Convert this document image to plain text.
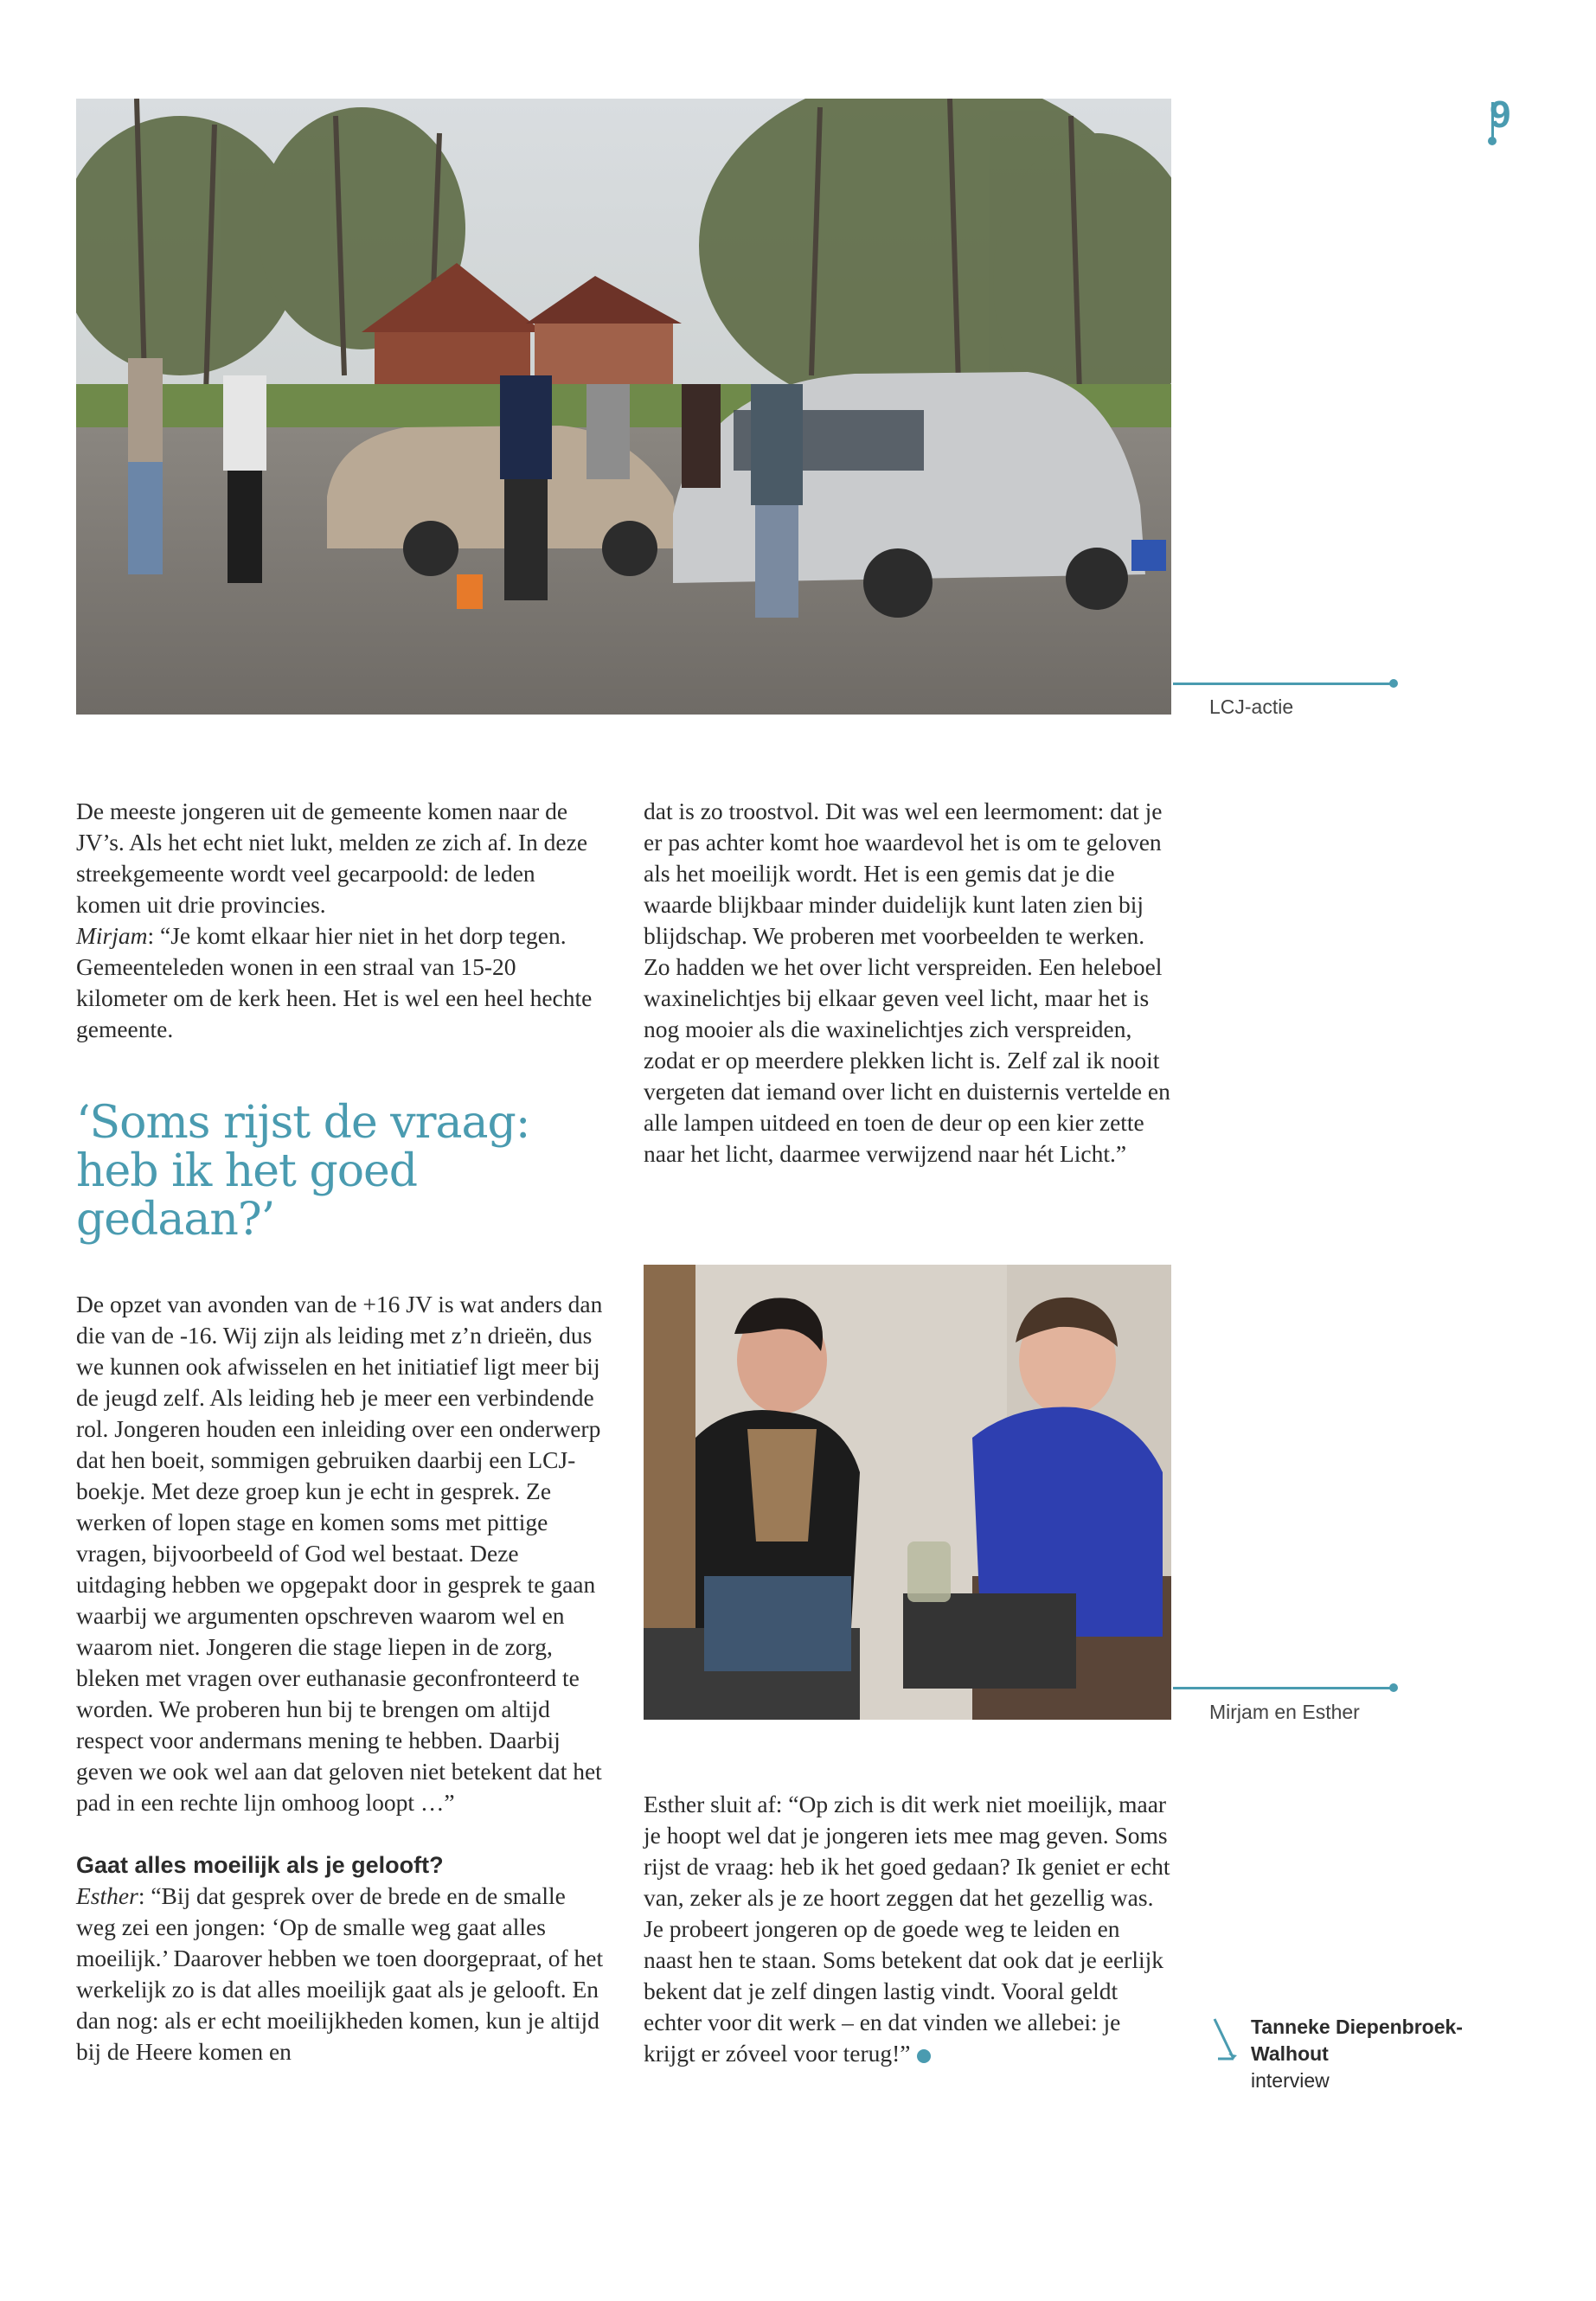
9
LCJ-actie

De meeste jongeren uit de gemeente komen naar de JV’s. Als het echt niet lukt, melden ze zich af. In deze streekgemeente wordt veel gecarpoold: de leden komen uit drie provincies.

Mirjam: “Je komt elkaar hier niet in het dorp tegen. Gemeenteleden wonen in een straal van 15-20 kilometer om de kerk heen. Het is wel een heel hechte gemeente.

‘Soms rijst de vraag:
heb ik het goed gedaan?’

De opzet van avonden van de +16 JV is wat anders dan die van de -16. Wij zijn als leiding met z’n drieën, dus we kunnen ook afwisselen en het initiatief ligt meer bij de jeugd zelf. Als leiding heb je meer een verbindende rol. Jongeren houden een inleiding over een onderwerp dat hen boeit, sommigen gebruiken daarbij een LCJ-boekje. Met deze groep kun je echt in gesprek. Ze werken of lopen stage en komen soms met pittige vragen, bijvoorbeeld of God wel bestaat. Deze uitdaging hebben we opgepakt door in gesprek te gaan waarbij we argumenten opschreven waarom wel en waarom niet. Jongeren die stage liepen in de zorg, bleken met vragen over euthanasie geconfronteerd te worden. We proberen hun bij te brengen om altijd respect voor andermans mening te hebben. Daarbij geven we ook wel aan dat geloven niet betekent dat het pad in een rechte lijn omhoog loopt …”

Gaat alles moeilijk als je gelooft?

Esther: “Bij dat gesprek over de brede en de smalle weg zei een jongen: ‘Op de smalle weg gaat alles moeilijk.’ Daarover hebben we toen doorgepraat, of het werkelijk zo is dat alles moeilijk gaat als je gelooft. En dan nog: als er echt moeilijkheden komen, kun je altijd bij de Heere komen en

dat is zo troostvol. Dit was wel een leermoment: dat je er pas achter komt hoe waardevol het is om te geloven als het moeilijk wordt. Het is een gemis dat je die waarde blijkbaar minder duidelijk kunt laten zien bij blijdschap. We proberen met voorbeelden te werken. Zo hadden we het over licht verspreiden. Een heleboel waxinelichtjes bij elkaar geven veel licht, maar het is nog mooier als die waxinelichtjes zich verspreiden, zodat er op meerdere plekken licht is. Zelf zal ik nooit vergeten dat iemand over licht en duisternis vertelde en alle lampen uitdeed en toen de deur op een kier zette naar het licht, daarmee verwijzend naar hét Licht.”

Mirjam en Esther

Esther sluit af: “Op zich is dit werk niet moeilijk, maar je hoopt wel dat je jongeren iets mee mag geven. Soms rijst de vraag: heb ik het goed gedaan? Ik geniet er echt van, zeker als je ze hoort zeggen dat het gezellig was. Je probeert jongeren op de goede weg te leiden en naast hen te staan. Soms betekent dat ook dat je eerlijk bekent dat je zelf dingen lastig vindt. Vooral geldt echter voor dit werk – en dat vinden we allebei: je krijgt er zóveel voor terug!”

Tanneke Diepenbroek-
Walhout
interview
